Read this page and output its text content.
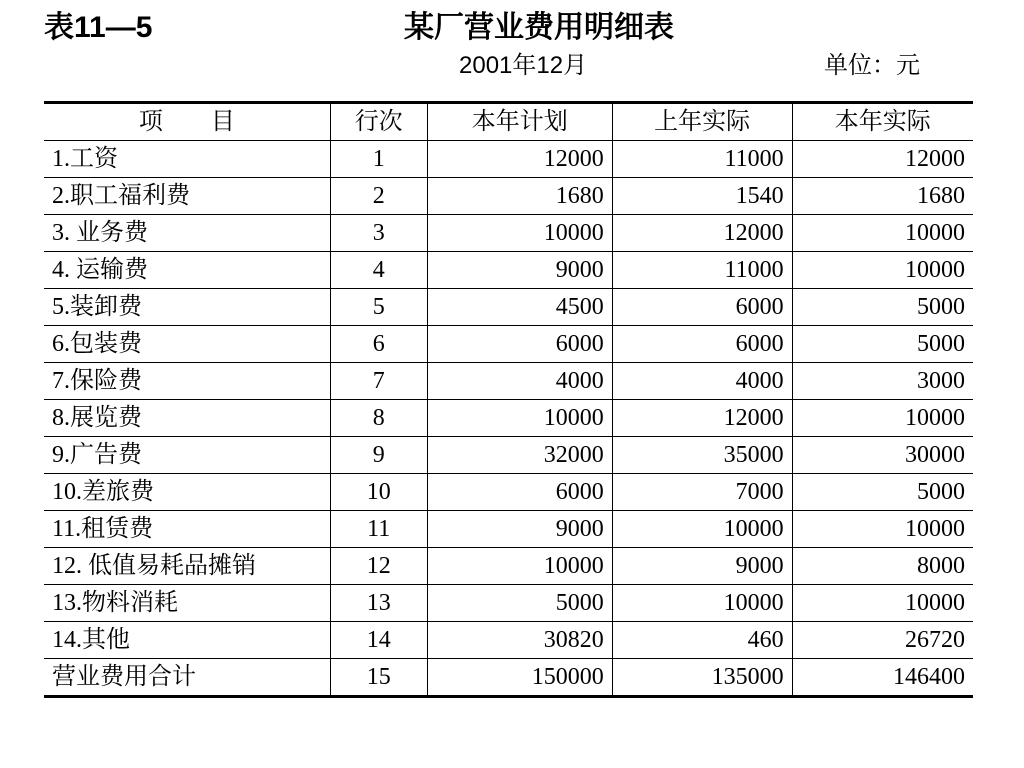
表11—5	某厂营业费用明细表
2001年12月	单位：元
项　　目	行次	本年计划	上年实际	本年实际
1.工资	1	12000	11000	12000
2.职工福利费	2	1680	1540	1680
3. 业务费	3	10000	12000	10000
4. 运输费	4	9000	11000	10000
5.装卸费	5	4500	6000	5000
6.包装费	6	6000	6000	5000
7.保险费	7	4000	4000	3000
8.展览费	8	10000	12000	10000
9.广告费	9	32000	35000	30000
10.差旅费	10	6000	7000	5000
11.租赁费	11	9000	10000	10000
12. 低值易耗品摊销	12	10000	9000	8000
13.物料消耗	13	5000	10000	10000
14.其他	14	30820	460	26720
营业费用合计	15	150000	135000	146400
